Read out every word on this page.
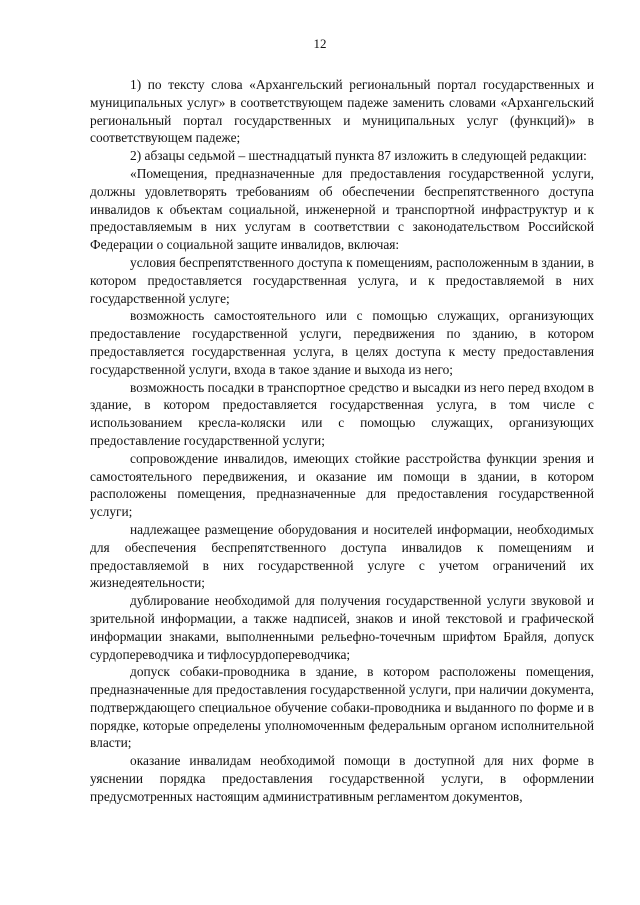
12

1) по тексту слова «Архангельский региональный портал государственных и муниципальных услуг» в соответствующем падеже заменить словами «Архангельский региональный портал государственных и муниципальных услуг (функций)» в соответствующем падеже;

2) абзацы седьмой – шестнадцатый пункта 87 изложить в следующей редакции:

«Помещения, предназначенные для предоставления государственной услуги, должны удовлетворять требованиям об обеспечении беспрепятственного доступа инвалидов к объектам социальной, инженерной и транспортной инфраструктур и к предоставляемым в них услугам в соответствии с законодательством Российской Федерации о социальной защите инвалидов, включая:

условия беспрепятственного доступа к помещениям, расположенным в здании, в котором предоставляется государственная услуга, и к предоставляемой в них государственной услуге;

возможность самостоятельного или с помощью служащих, организующих предоставление государственной услуги, передвижения по зданию, в котором предоставляется государственная услуга, в целях доступа к месту предоставления государственной услуги, входа в такое здание и выхода из него;

возможность посадки в транспортное средство и высадки из него перед входом в здание, в котором предоставляется государственная услуга, в том числе с использованием кресла-коляски или с помощью служащих, организующих предоставление государственной услуги;

сопровождение инвалидов, имеющих стойкие расстройства функции зрения и самостоятельного передвижения, и оказание им помощи в здании, в котором расположены помещения, предназначенные для предоставления государственной услуги;

надлежащее размещение оборудования и носителей информации, необходимых для обеспечения беспрепятственного доступа инвалидов к помещениям и предоставляемой в них государственной услуге с учетом ограничений их жизнедеятельности;

дублирование необходимой для получения государственной услуги звуковой и зрительной информации, а также надписей, знаков и иной текстовой и графической информации знаками, выполненными рельефно-точечным шрифтом Брайля, допуск сурдопереводчика и тифлосурдопереводчика;

допуск собаки-проводника в здание, в котором расположены помещения, предназначенные для предоставления государственной услуги, при наличии документа, подтверждающего специальное обучение собаки-проводника и выданного по форме и в порядке, которые определены уполномоченным федеральным органом исполнительной власти;

оказание инвалидам необходимой помощи в доступной для них форме в уяснении порядка предоставления государственной услуги, в оформлении предусмотренных настоящим административным регламентом документов,
